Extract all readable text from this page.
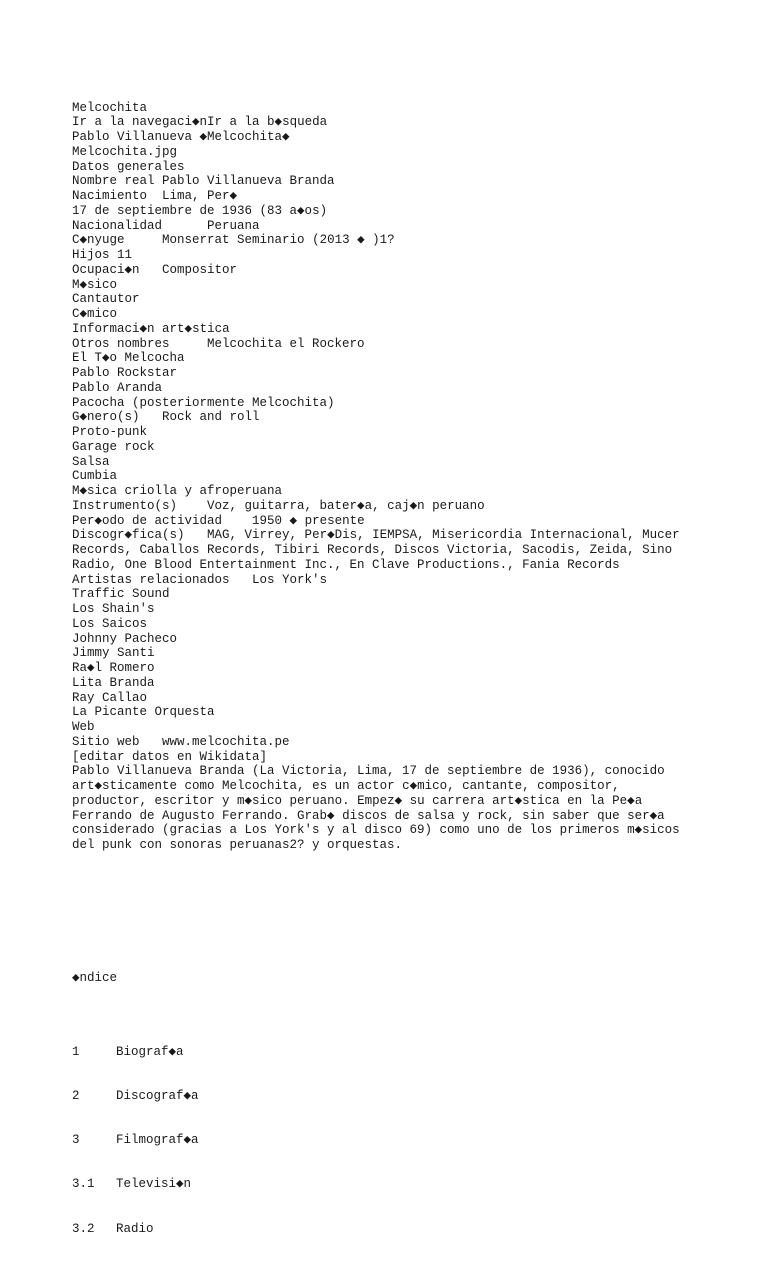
Melcochita
Ir a la navegaci◆nIr a la b◆squeda
Pablo Villanueva ◆Melcochita◆
Melcochita.jpg
Datos generales
Nombre real Pablo Villanueva Branda
Nacimiento  Lima, Per◆
17 de septiembre de 1936 (83 a◆os)
Nacionalidad      Peruana
C◆nyuge     Monserrat Seminario (2013 ◆ )1?
Hijos 11
Ocupaci◆n   Compositor
M◆sico
Cantautor
C◆mico
Informaci◆n art◆stica
Otros nombres     Melcochita el Rockero
El T◆o Melcocha
Pablo Rockstar
Pablo Aranda
Pacocha (posteriormente Melcochita)
G◆nero(s)   Rock and roll
Proto-punk
Garage rock
Salsa
Cumbia
M◆sica criolla y afroperuana
Instrumento(s)    Voz, guitarra, bater◆a, caj◆n peruano
Per◆odo de actividad    1950 ◆ presente
Discogr◆fica(s)   MAG, Virrey, Per◆Dis, IEMPSA, Misericordia Internacional, Mucer
Records, Caballos Records, Tibiri Records, Discos Victoria, Sacodis, Zeida, Sino
Radio, One Blood Entertainment Inc., En Clave Productions., Fania Records
Artistas relacionados   Los York's
Traffic Sound
Los Shain's
Los Saicos
Johnny Pacheco
Jimmy Santi
Ra◆l Romero
Lita Branda
Ray Callao
La Picante Orquesta
Web
Sitio web   www.melcochita.pe
[editar datos en Wikidata]
Pablo Villanueva Branda (La Victoria, Lima, 17 de septiembre de 1936), conocido
art◆sticamente como Melcochita, es un actor c◆mico, cantante, compositor,
productor, escritor y m◆sico peruano. Empez◆ su carrera art◆stica en la Pe◆a
Ferrando de Augusto Ferrando. Grab◆ discos de salsa y rock, sin saber que ser◆a
considerado (gracias a Los York's y al disco 69) como uno de los primeros m◆sicos
del punk con sonoras peruanas2? y orquestas.

◆ndice

1	Biograf◆a

2	Discograf◆a

3	Filmograf◆a

3.1 Televisi◆n

3.2 Radio
